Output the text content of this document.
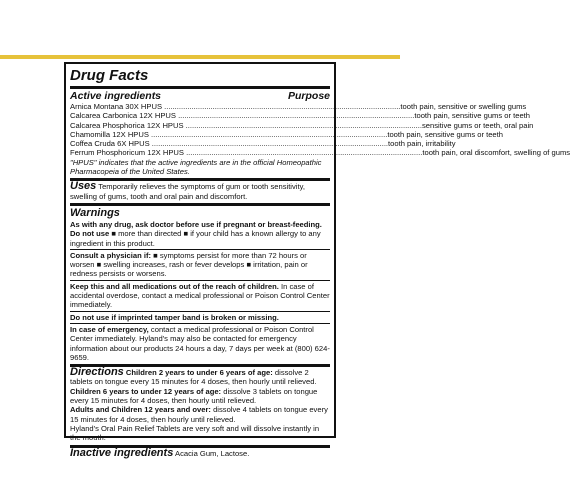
Drug Facts
Active ingredients	Purpose
Arnica Montana 30X HPUS .....	tooth pain, sensitive or swelling gums
Calcarea Carbonica 12X HPUS .....	tooth pain, sensitive gums or teeth
Calcarea Phosphorica 12X HPUS .....	sensitive gums or teeth, oral pain
Chamomilla 12X HPUS .....	tooth pain, sensitive gums or teeth
Coffea Cruda 6X HPUS .....	tooth pain, irritability
Ferrum Phosphoricum 12X HPUS .....	tooth pain, oral discomfort, swelling of gums
"HPUS" indicates that the active ingredients are in the official Homeopathic
Pharmacopeia of the United States.
Uses Temporarily relieves the symptoms of gum or tooth sensitivity, swelling of gums, tooth and oral pain and discomfort.
Warnings
As with any drug, ask doctor before use if pregnant or breast-feeding.
Do not use ■ more than directed ■ if your child has a known allergy to any ingredient in this product.
Consult a physician if: ■ symptoms persist for more than 72 hours or worsen ■ swelling increases, rash or fever develops ■ irritation, pain or redness persists or worsens.
Keep this and all medications out of the reach of children. In case of accidental overdose, contact a medical professional or Poison Control Center immediately.
Do not use if imprinted tamper band is broken or missing.
In case of emergency, contact a medical professional or Poison Control Center immediately. Hyland's may also be contacted for emergency information about our products 24 hours a day, 7 days per week at (800) 624-9659.
Directions Children 2 years to under 6 years of age: dissolve 2 tablets on tongue every 15 minutes for 4 doses, then hourly until relieved.
Children 6 years to under 12 years of age: dissolve 3 tablets on tongue every 15 minutes for 4 doses, then hourly until relieved.
Adults and Children 12 years and over: dissolve 4 tablets on tongue every 15 minutes for 4 doses, then hourly until relieved.
Hyland's Oral Pain Relief Tablets are very soft and will dissolve instantly in the mouth.
Inactive ingredients Acacia Gum, Lactose.
